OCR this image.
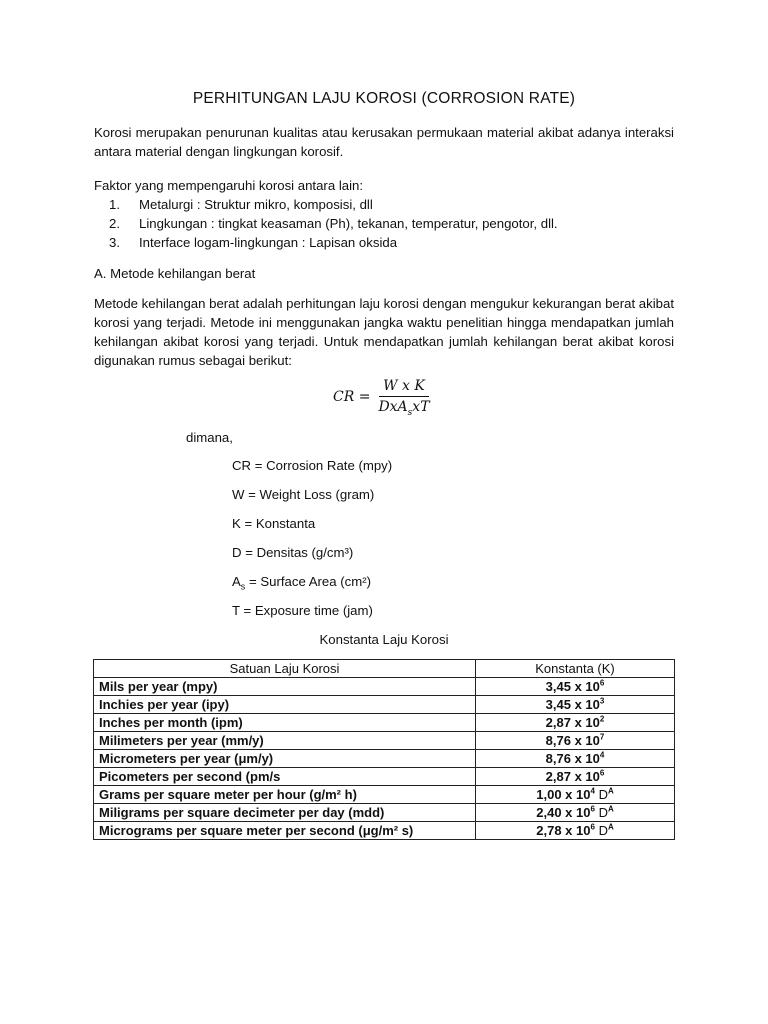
PERHITUNGAN LAJU KOROSI (CORROSION RATE)

Korosi merupakan penurunan kualitas atau kerusakan permukaan material akibat adanya interaksi antara material dengan lingkungan korosif.

Faktor yang mempengaruhi korosi antara lain:
1.	Metalurgi : Struktur mikro, komposisi, dll
2.	Lingkungan : tingkat keasaman (Ph), tekanan, temperatur, pengotor, dll.
3.	Interface logam-lingkungan : Lapisan oksida
A. Metode kehilangan berat

Metode kehilangan berat adalah perhitungan laju korosi dengan mengukur kekurangan berat akibat korosi yang terjadi. Metode ini menggunakan jangka waktu penelitian hingga mendapatkan jumlah kehilangan akibat korosi yang terjadi. Untuk mendapatkan jumlah kehilangan berat akibat korosi digunakan rumus sebagai berikut:

CR = $\frac{\text{W x K}}{DxA_sxT}$
dimana,
CR = Corrosion Rate (mpy)
W = Weight Loss (gram)
K = Konstanta
D = Densitas (g/cm³)
$A_s$ = Surface Area (cm²)
T = Exposure time (jam)
Konstanta Laju Korosi
Satuan Laju Korosi	Konstanta (K)
Mils per year (mpy)	3,45 x $10^6$
Inchies per year (ipy)	3,45 x $10^3$
Inches per month (ipm)	2,87 x $10^2$
Milimeters per year (mm/y)	8,76 x $10^7$
Micrometers per year (μm/y)	8,76 x $10^4$
Picometers per second (pm/s	2,87 x $10^6$
Grams per square meter per hour (g/m² h)	1,00 x $10^4$ $D^A$
Miligrams per square decimeter per day (mdd)	2,40 x $10^6$ $D^A$
Micrograms per square meter per second (μg/m² s)	2,78 x $10^6$ $D^A$
